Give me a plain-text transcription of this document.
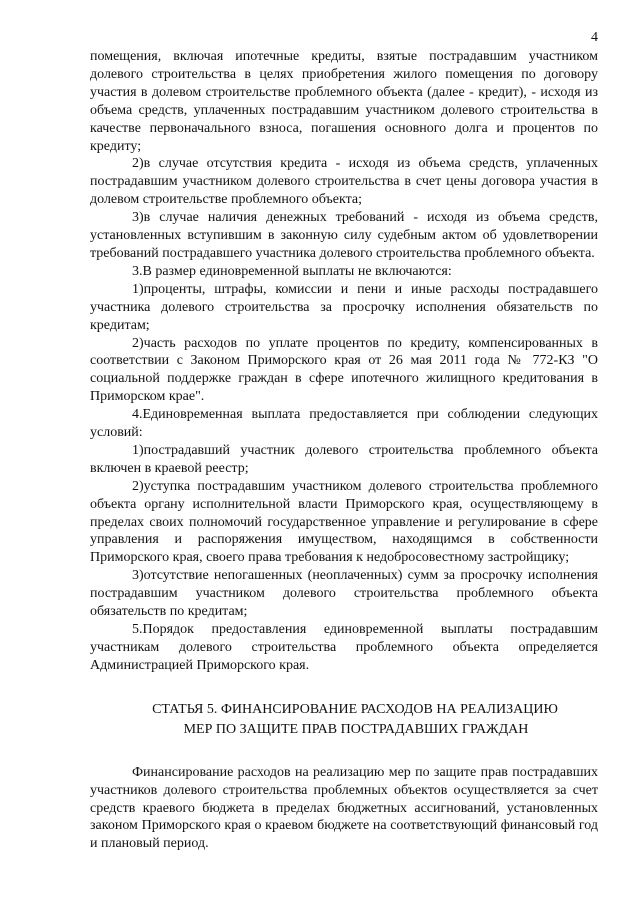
4

помещения, включая ипотечные кредиты, взятые пострадавшим участником долевого строительства в целях приобретения жилого помещения по договору участия в долевом строительстве проблемного объекта (далее - кредит), - исходя из объема средств, уплаченных пострадавшим участником долевого строительства в качестве первоначального взноса, погашения основного долга и процентов по кредиту;

2)в случае отсутствия кредита - исходя из объема средств, уплаченных пострадавшим участником долевого строительства в счет цены договора участия в долевом строительстве проблемного объекта;

3)в случае наличия денежных требований - исходя из объема средств, установленных вступившим в законную силу судебным актом об удовлетворении требований пострадавшего участника долевого строительства проблемного объекта.

3.В размер единовременной выплаты не включаются:

1)проценты, штрафы, комиссии и пени и иные расходы пострадавшего участника долевого строительства за просрочку исполнения обязательств по кредитам;

2)часть расходов по уплате процентов по кредиту, компенсированных в соответствии с Законом Приморского края от 26 мая 2011 года № 772-КЗ "О социальной поддержке граждан в сфере ипотечного жилищного кредитования в Приморском крае".

4.Единовременная выплата предоставляется при соблюдении следующих условий:

1)пострадавший участник долевого строительства проблемного объекта включен в краевой реестр;

2)уступка пострадавшим участником долевого строительства проблемного объекта органу исполнительной власти Приморского края, осуществляющему в пределах своих полномочий государственное управление и регулирование в сфере управления и распоряжения имуществом, находящимся в собственности Приморского края, своего права требования к недобросовестному застройщику;

3)отсутствие непогашенных (неоплаченных) сумм за просрочку исполнения пострадавшим участником долевого строительства проблемного объекта обязательств по кредитам;

5.Порядок предоставления единовременной выплаты пострадавшим участникам долевого строительства проблемного объекта определяется Администрацией Приморского края.

СТАТЬЯ 5. ФИНАНСИРОВАНИЕ РАСХОДОВ НА РЕАЛИЗАЦИЮ
МЕР ПО ЗАЩИТЕ ПРАВ ПОСТРАДАВШИХ ГРАЖДАН

Финансирование расходов на реализацию мер по защите прав пострадавших участников долевого строительства проблемных объектов осуществляется за счет средств краевого бюджета в пределах бюджетных ассигнований, установленных законом Приморского края о краевом бюджете на соответствующий финансовый год и плановый период.
